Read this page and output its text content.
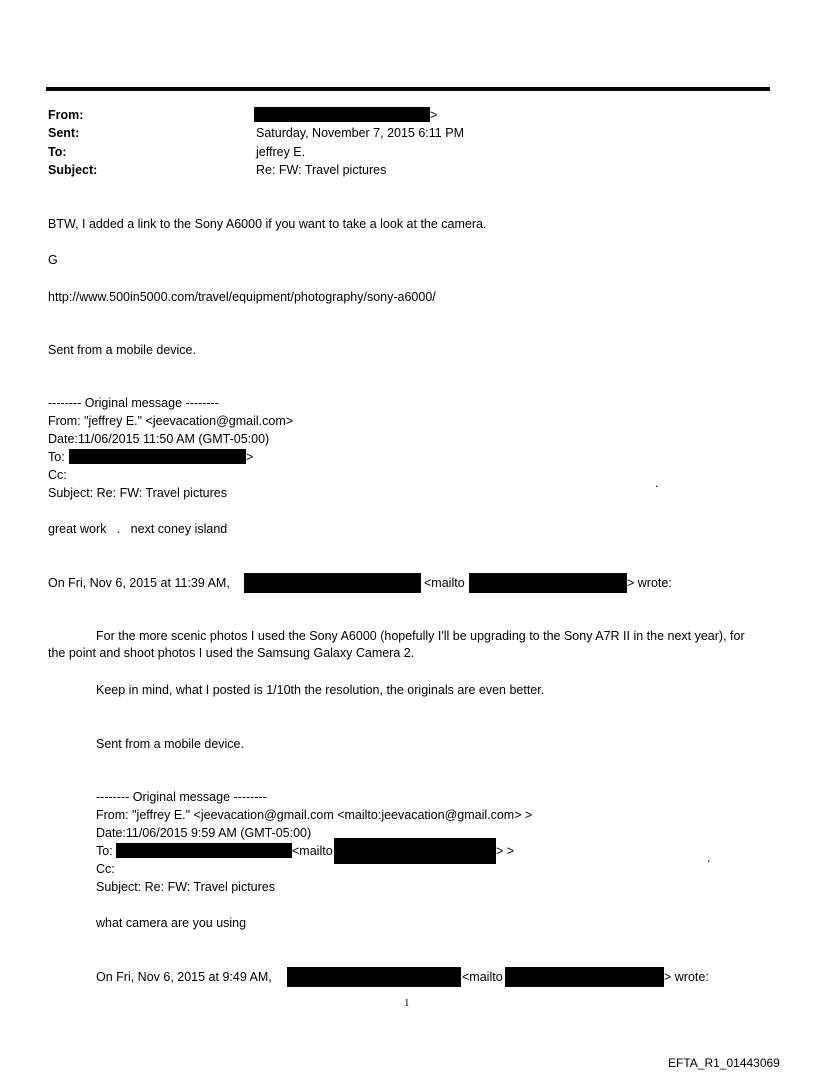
From:	>
Sent:	Saturday, November 7, 2015 6:11 PM
To:	jeffrey E.
Subject:	Re: FW: Travel pictures
BTW, I added a link to the Sony A6000 if you want to take a look at the camera.
G
http://www.500in5000.com/travel/equipment/photography/sony-a6000/
Sent from a mobile device.
-------- Original message --------
From: "jeffrey E." <jeevacation@gmail.com>
Date:11/06/2015 11:50 AM (GMT-05:00)
To:	>
Cc:
.
Subject: Re: FW: Travel pictures
great work   .   next coney island
On Fri, Nov 6, 2015 at 11:39 AM,	<mailto	> wrote:
For the more scenic photos I used the Sony A6000 (hopefully I'll be upgrading to the Sony A7R II in the next year), for the point and shoot photos I used the Samsung Galaxy Camera 2.
Keep in mind, what I posted is 1/10th the resolution, the originals are even better.
Sent from a mobile device.
-------- Original message --------
From: "jeffrey E." <jeevacation@gmail.com <mailto:jeevacation@gmail.com> >
Date:11/06/2015 9:59 AM (GMT-05:00)
To:	<mailto	> >
Cc:
.
Subject: Re: FW: Travel pictures
what camera are you using
On Fri, Nov 6, 2015 at 9:49 AM,	<mailto	> wrote:
1
EFTA_R1_01443069
